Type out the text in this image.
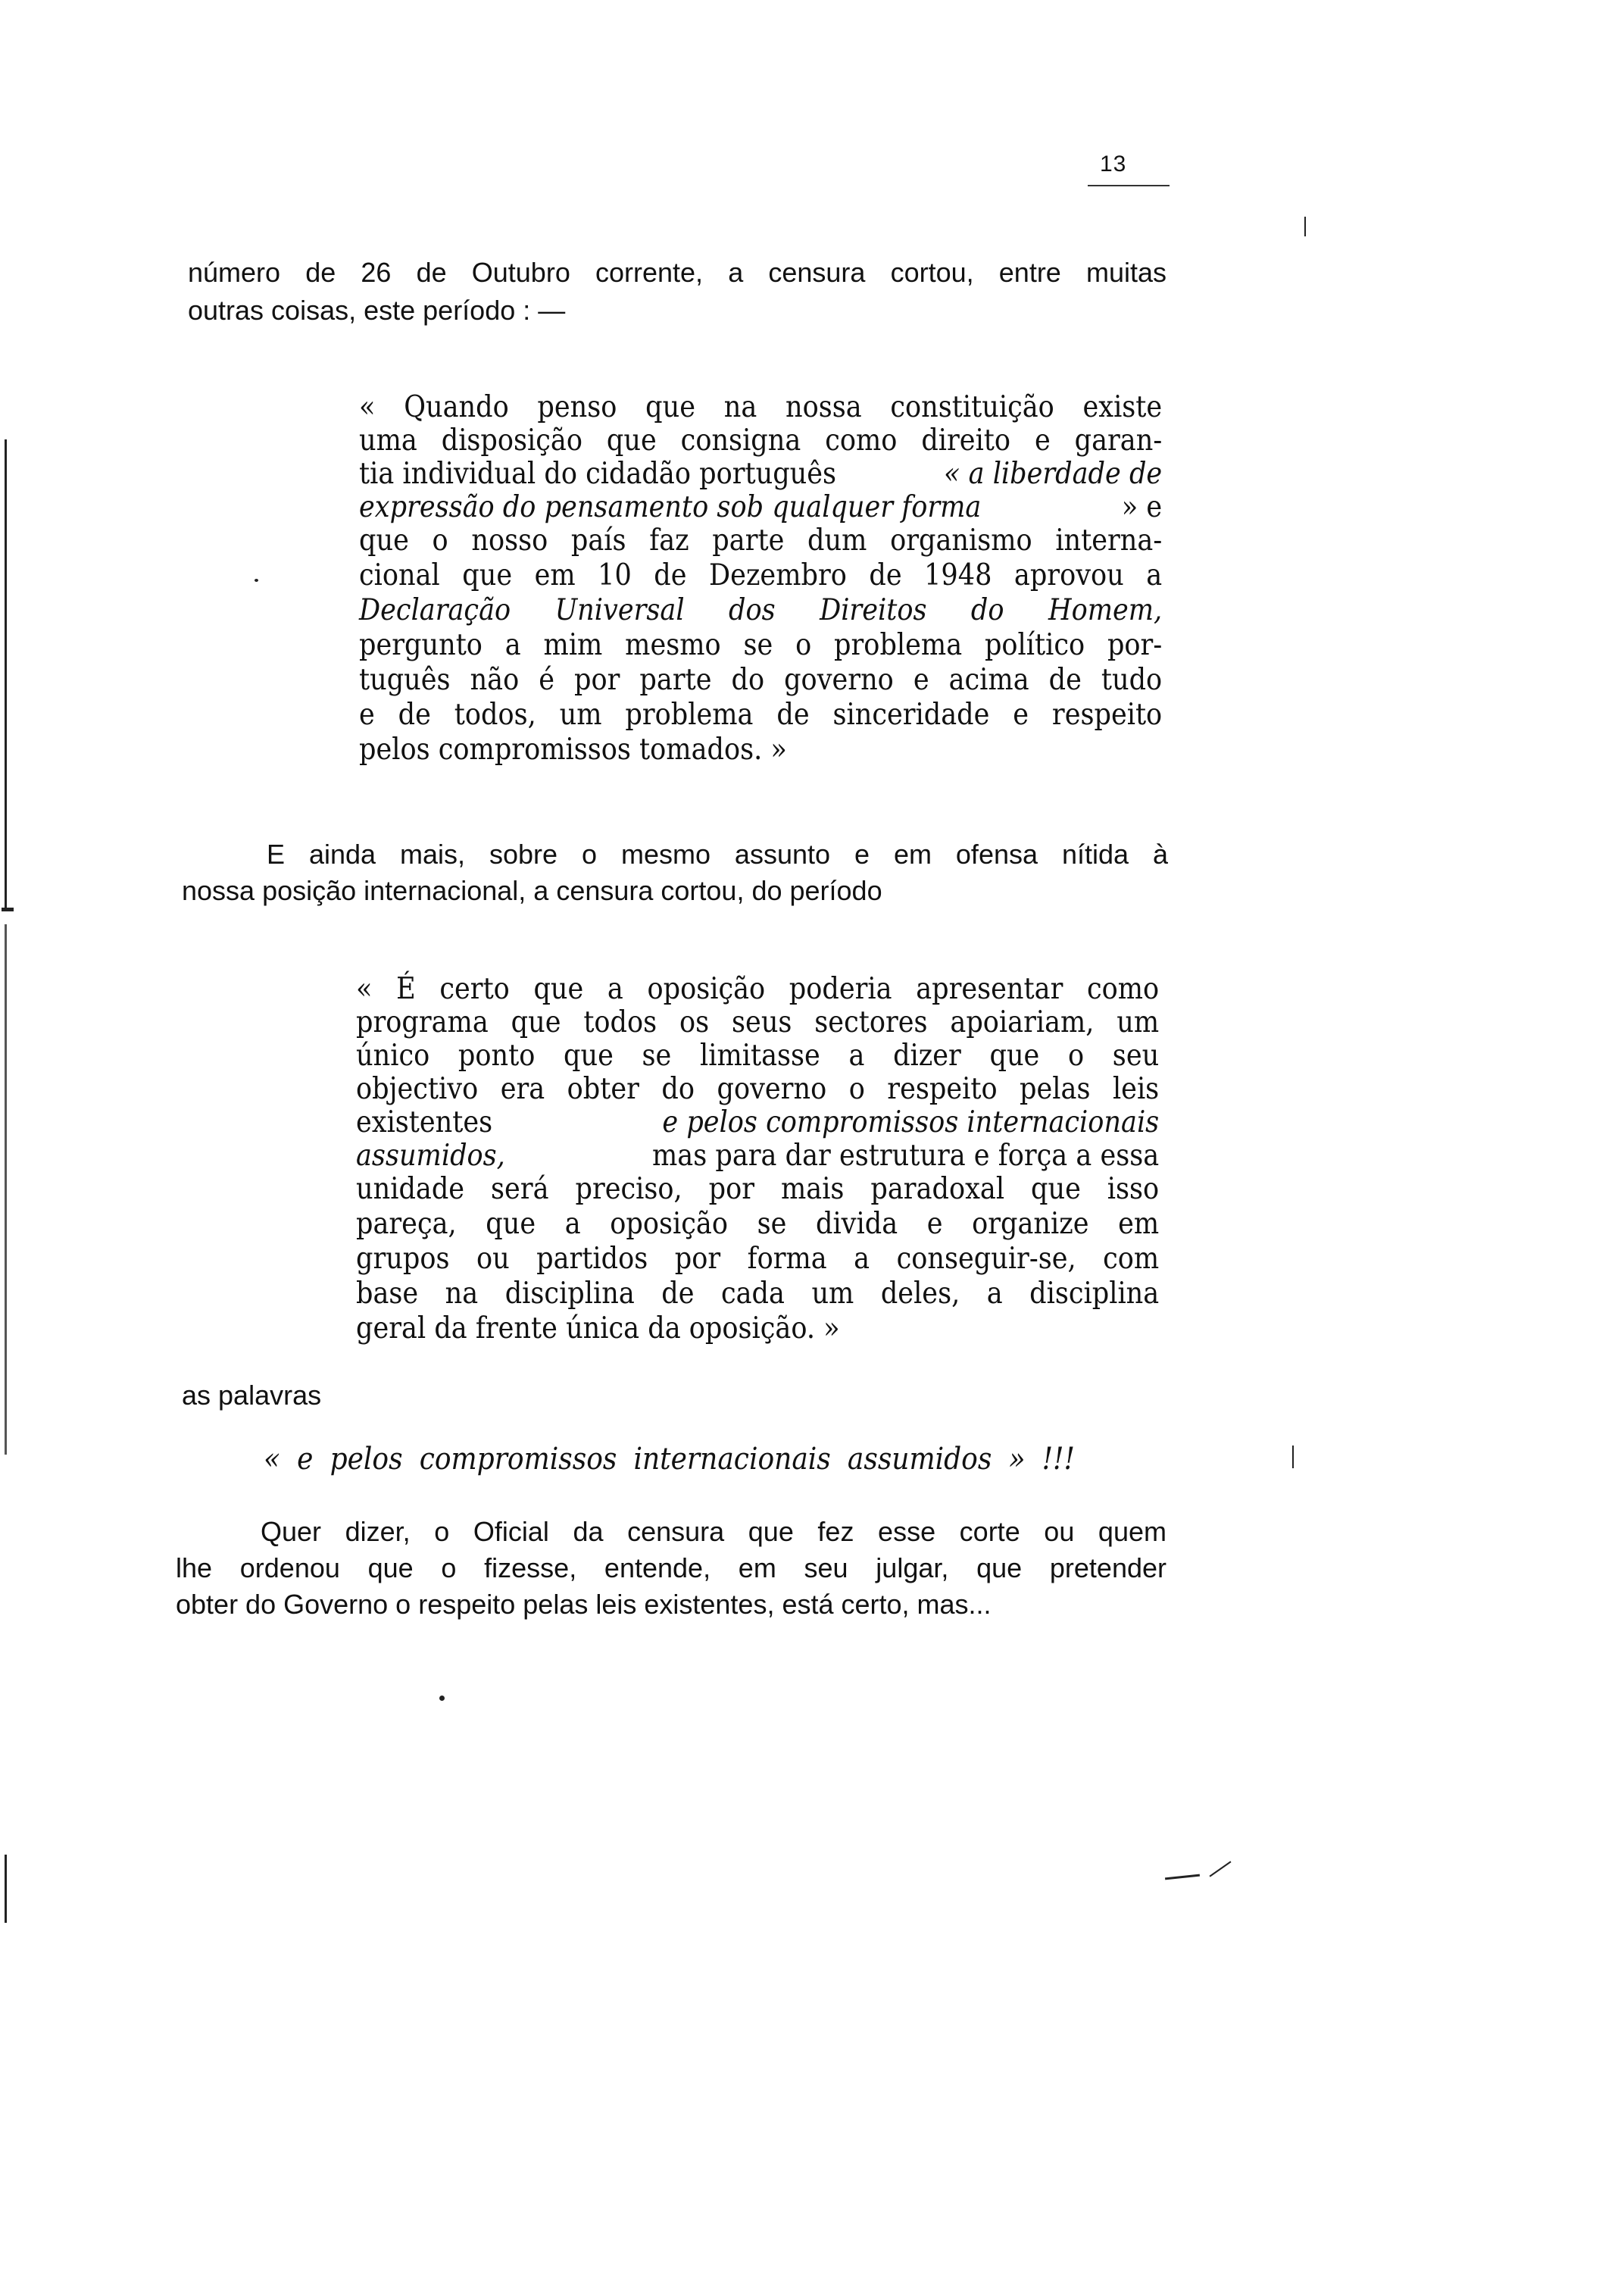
13
número de 26 de Outubro corrente, a censura cortou, entre muitas
outras coisas, este período : —
« Quando penso que na nossa constituição existe
uma disposição que consigna como direito e garan-
tia individual do cidadão português	« a liberdade de
expressão do pensamento sob qualquer forma	» e
que o nosso país faz parte dum organismo interna-
cional que em 10 de Dezembro de 1948 aprovou a
Declaração Universal dos Direitos do Homem,
pergunto a mim mesmo se o problema político por-
tuguês não é por parte do governo e acima de tudo
e de todos, um problema de sinceridade e respeito
pelos compromissos tomados. »
E ainda mais, sobre o mesmo assunto e em ofensa nítida à
nossa posição internacional, a censura cortou, do período
« É certo que a oposição poderia apresentar como
programa que todos os seus sectores apoiariam, um
único ponto que se limitasse a dizer que o seu
objectivo era obter do governo o respeito pelas leis
existentes	e pelos compromissos internacionais
assumidos,	mas para dar estrutura e força a essa
unidade será preciso, por mais paradoxal que isso
pareça, que a oposição se divida e organize em
grupos ou partidos por forma a conseguir-se, com
base na disciplina de cada um deles, a disciplina
geral da frente única da oposição. »
as palavras
« e pelos compromissos internacionais assumidos » !!!
Quer dizer, o Oficial da censura que fez esse corte ou quem
lhe ordenou que o fizesse, entende, em seu julgar, que pretender
obter do Governo o respeito pelas leis existentes, está certo, mas...
